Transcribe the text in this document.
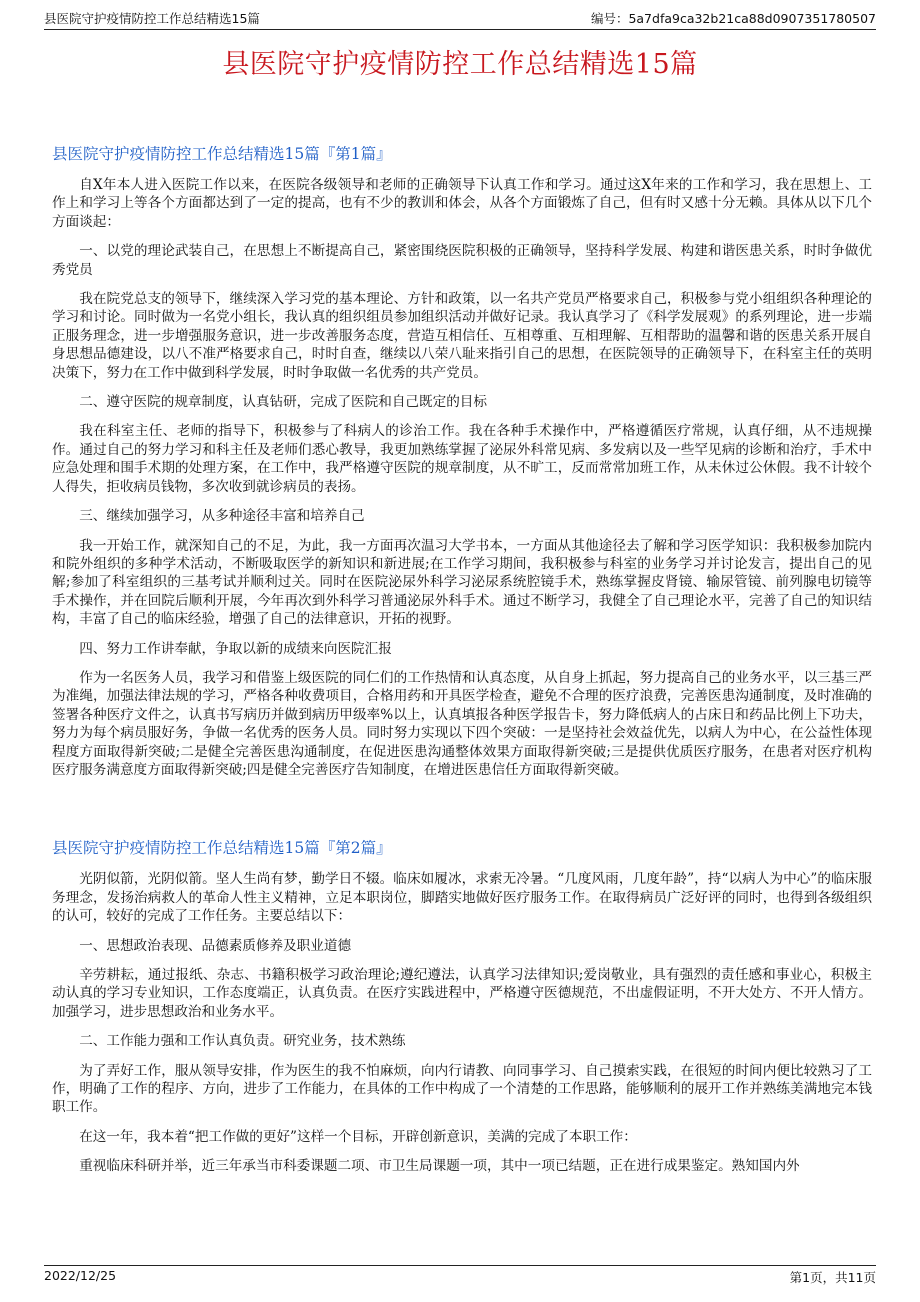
县医院守护疫情防控工作总结精选15篇	编号：5a7dfa9ca32b21ca88d0907351780507
县医院守护疫情防控工作总结精选15篇
县医院守护疫情防控工作总结精选15篇『第1篇』

自X年本人进入医院工作以来，在医院各级领导和老师的正确领导下认真工作和学习。通过这X年来的工作和学习，我在思想上、工作上和学习上等各个方面都达到了一定的提高，也有不少的教训和体会，从各个方面锻炼了自己，但有时又感十分无赖。具体从以下几个方面谈起：

一、以党的理论武装自己，在思想上不断提高自己，紧密围绕医院积极的正确领导，坚持科学发展、构建和谐医患关系，时时争做优秀党员

我在院党总支的领导下，继续深入学习党的基本理论、方针和政策，以一名共产党员严格要求自己，积极参与党小组组织各种理论的学习和讨论。同时做为一名党小组长，我认真的组织组员参加组织活动并做好记录。我认真学习了《科学发展观》的系列理论，进一步端正服务理念，进一步增强服务意识，进一步改善服务态度，营造互相信任、互相尊重、互相理解、互相帮助的温馨和谐的医患关系开展自身思想品德建设，以八不准严格要求自己，时时自查，继续以八荣八耻来指引自己的思想，在医院领导的正确领导下，在科室主任的英明决策下，努力在工作中做到科学发展，时时争取做一名优秀的共产党员。

二、遵守医院的规章制度，认真钻研，完成了医院和自己既定的目标

我在科室主任、老师的指导下，积极参与了科病人的诊治工作。我在各种手术操作中，严格遵循医疗常规，认真仔细，从不违规操作。通过自己的努力学习和科主任及老师们悉心教导，我更加熟练掌握了泌尿外科常见病、多发病以及一些罕见病的诊断和治疗，手术中应急处理和围手术期的处理方案，在工作中，我严格遵守医院的规章制度，从不旷工，反而常常加班工作，从未休过公休假。我不计较个人得失，拒收病员钱物，多次收到就诊病员的表扬。

三、继续加强学习，从多种途径丰富和培养自己

我一开始工作，就深知自己的不足，为此，我一方面再次温习大学书本，一方面从其他途径去了解和学习医学知识：我积极参加院内和院外组织的多种学术活动，不断吸取医学的新知识和新进展;在工作学习期间，我积极参与科室的业务学习并讨论发言，提出自己的见解;参加了科室组织的三基考试并顺利过关。同时在医院泌尿外科学习泌尿系统腔镜手术，熟练掌握皮肾镜、输尿管镜、前列腺电切镜等手术操作，并在回院后顺利开展，今年再次到外科学习普通泌尿外科手术。通过不断学习，我健全了自己理论水平，完善了自己的知识结构，丰富了自己的临床经验，增强了自己的法律意识，开拓的视野。

四、努力工作讲奉献，争取以新的成绩来向医院汇报

作为一名医务人员，我学习和借鉴上级医院的同仁们的工作热情和认真态度，从自身上抓起，努力提高自己的业务水平，以三基三严为准绳，加强法律法规的学习，严格各种收费项目，合格用药和开具医学检查，避免不合理的医疗浪费，完善医患沟通制度，及时准确的签署各种医疗文件之，认真书写病历并做到病历甲级率%以上，认真填报各种医学报告卡，努力降低病人的占床日和药品比例上下功夫，努力为每个病员服好务，争做一名优秀的医务人员。同时努力实现以下四个突破：一是坚持社会效益优先，以病人为中心，在公益性体现程度方面取得新突破;二是健全完善医患沟通制度，在促进医患沟通整体效果方面取得新突破;三是提供优质医疗服务，在患者对医疗机构医疗服务满意度方面取得新突破;四是健全完善医疗告知制度，在增进医患信任方面取得新突破。

县医院守护疫情防控工作总结精选15篇『第2篇』

光阴似箭，光阴似箭。坚人生尚有梦，勤学日不辍。临床如履冰，求索无冷暑。“几度风雨，几度年龄”，持“以病人为中心”的临床服务理念，发扬治病救人的革命人性主义精神，立足本职岗位，脚踏实地做好医疗服务工作。在取得病员广泛好评的同时，也得到各级组织的认可，较好的完成了工作任务。主要总结以下：

一、思想政治表现、品德素质修养及职业道德

辛劳耕耘，通过报纸、杂志、书籍积极学习政治理论;遵纪遵法，认真学习法律知识;爱岗敬业，具有强烈的责任感和事业心，积极主动认真的学习专业知识，工作态度端正，认真负责。在医疗实践进程中，严格遵守医德规范，不出虚假证明，不开大处方、不开人情方。加强学习，进步思想政治和业务水平。

二、工作能力强和工作认真负责。研究业务，技术熟练

为了弄好工作，服从领导安排，作为医生的我不怕麻烦，向内行请教、向同事学习、自己摸索实践，在很短的时间内便比较熟习了工作，明确了工作的程序、方向，进步了工作能力，在具体的工作中构成了一个清楚的工作思路，能够顺利的展开工作并熟练美满地完本钱职工作。

在这一年，我本着“把工作做的更好”这样一个目标，开辟创新意识，美满的完成了本职工作：

重视临床科研并举，近三年承当市科委课题二项、市卫生局课题一项，其中一项已结题，正在进行成果鉴定。熟知国内外

2022/12/25	第1页，共11页
